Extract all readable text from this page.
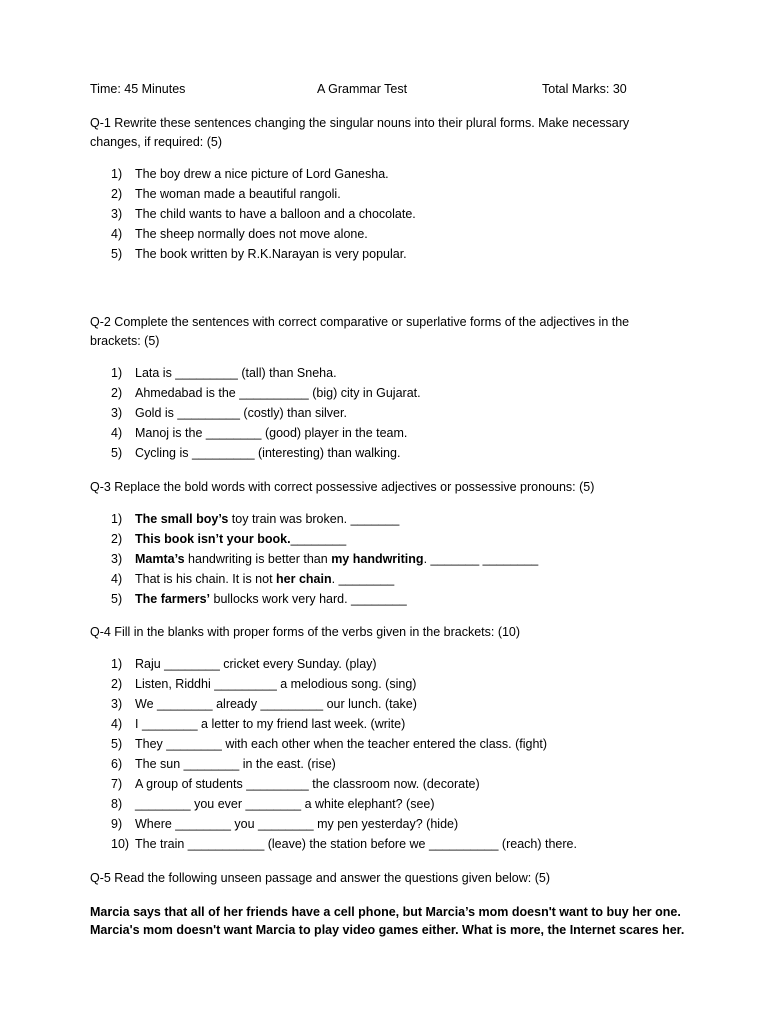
Time: 45 Minutes	A Grammar Test	Total Marks: 30
Q-1 Rewrite these sentences changing the singular nouns into their plural forms. Make necessary changes, if required: (5)
1) The boy drew a nice picture of Lord Ganesha.
2) The woman made a beautiful rangoli.
3) The child wants to have a balloon and a chocolate.
4) The sheep normally does not move alone.
5) The book written by R.K.Narayan is very popular.
Q-2 Complete the sentences with correct comparative or superlative forms of the adjectives in the brackets: (5)
1) Lata is _________ (tall) than Sneha.
2) Ahmedabad is the __________ (big) city in Gujarat.
3) Gold is _________ (costly) than silver.
4) Manoj is the ________ (good) player in the team.
5) Cycling is _________ (interesting) than walking.
Q-3 Replace the bold words with correct possessive adjectives or possessive pronouns: (5)
1) The small boy’s toy train was broken. _______
2) This book isn’t your book.________
3) Mamta’s handwriting is better than my handwriting. _______ ________
4) That is his chain. It is not her chain. ________
5) The farmers’ bullocks work very hard. ________
Q-4 Fill in the blanks with proper forms of the verbs given in the brackets: (10)
1) Raju ________ cricket every Sunday. (play)
2) Listen, Riddhi _________ a melodious song. (sing)
3) We ________ already _________ our lunch. (take)
4) I ________ a letter to my friend last week. (write)
5) They ________ with each other when the teacher entered the class. (fight)
6) The sun ________ in the east. (rise)
7) A group of students _________ the classroom now. (decorate)
8) ________ you ever ________ a white elephant? (see)
9) Where ________ you ________ my pen yesterday? (hide)
10) The train ___________ (leave) the station before we __________ (reach) there.
Q-5 Read the following unseen passage and answer the questions given below: (5)
Marcia says that all of her friends have a cell phone, but Marcia’s mom doesn't want to buy her one. Marcia's mom doesn't want Marcia to play video games either. What is more, the Internet scares her.
